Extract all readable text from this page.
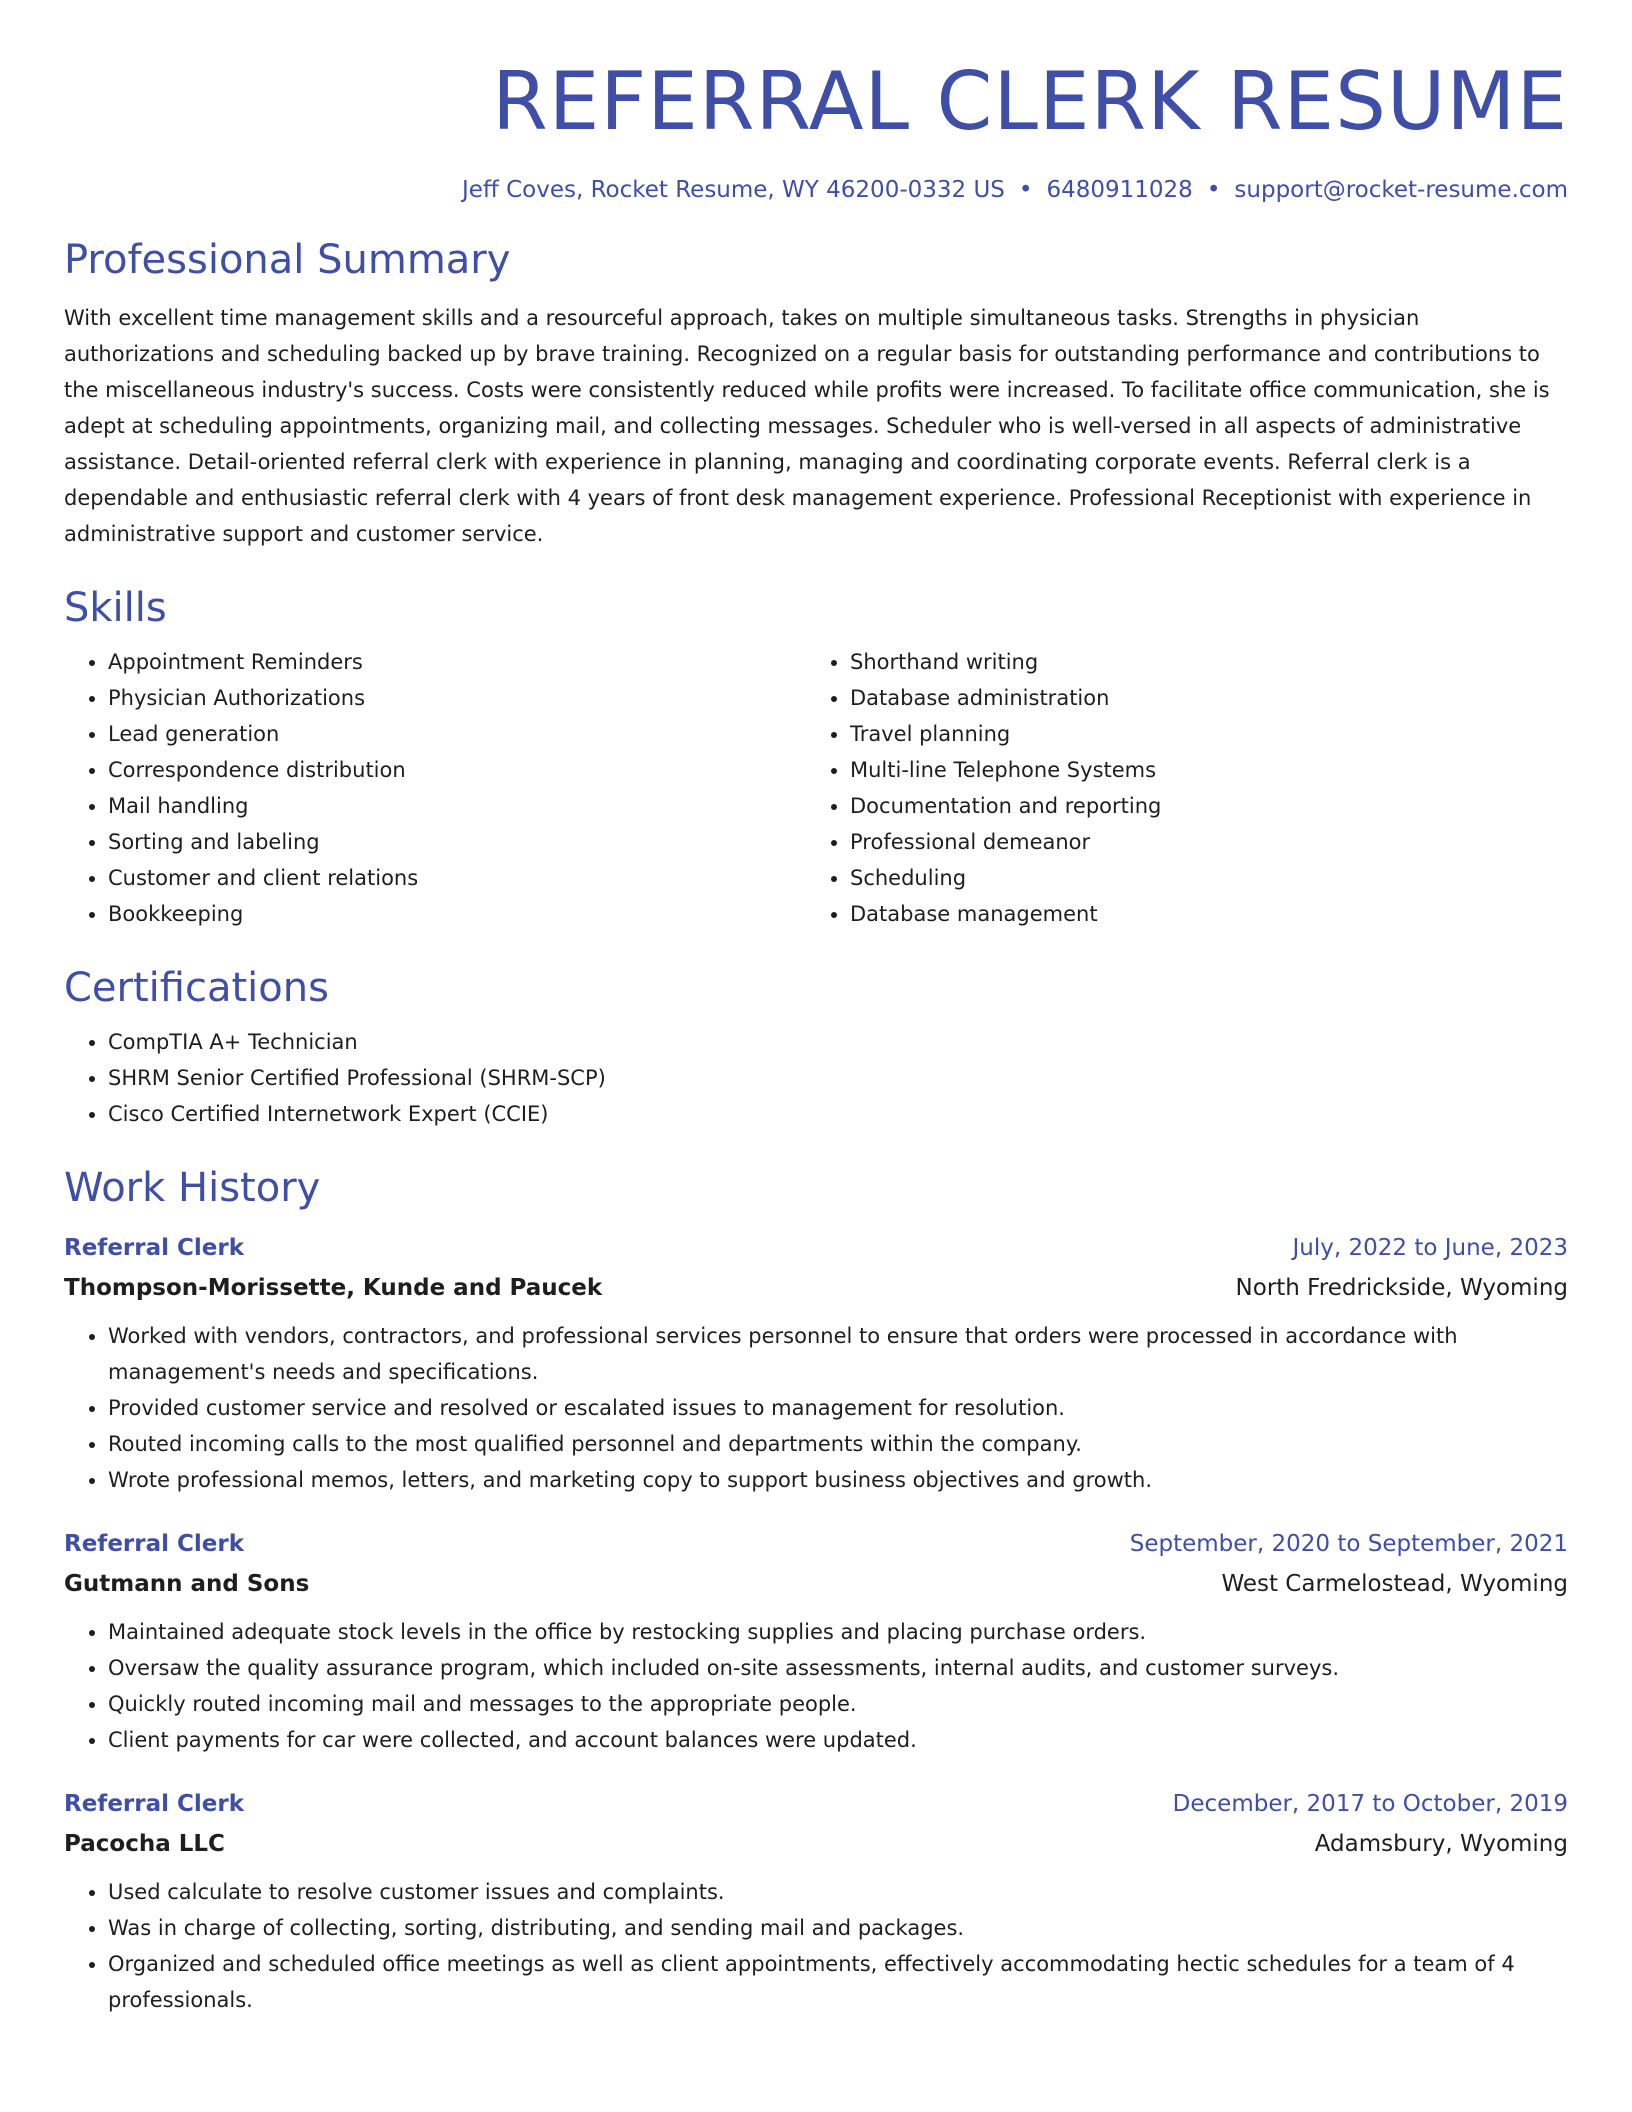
REFERRAL CLERK RESUME
Jeff Coves, Rocket Resume, WY 46200-0332 US • 6480911028 • support@rocket-resume.com
Professional Summary

With excellent time management skills and a resourceful approach, takes on multiple simultaneous tasks. Strengths in physician authorizations and scheduling backed up by brave training. Recognized on a regular basis for outstanding performance and contributions to the miscellaneous industry's success. Costs were consistently reduced while profits were increased. To facilitate office communication, she is adept at scheduling appointments, organizing mail, and collecting messages. Scheduler who is well-versed in all aspects of administrative assistance. Detail-oriented referral clerk with experience in planning, managing and coordinating corporate events. Referral clerk is a dependable and enthusiastic referral clerk with 4 years of front desk management experience. Professional Receptionist with experience in administrative support and customer service.

Skills
• Appointment Reminders
• Physician Authorizations
• Lead generation
• Correspondence distribution
• Mail handling
• Sorting and labeling
• Customer and client relations
• Bookkeeping
• Shorthand writing
• Database administration
• Travel planning
• Multi-line Telephone Systems
• Documentation and reporting
• Professional demeanor
• Scheduling
• Database management
Certifications
• CompTIA A+ Technician
• SHRM Senior Certified Professional (SHRM-SCP)
• Cisco Certified Internetwork Expert (CCIE)
Work History
Referral Clerk	July, 2022 to June, 2023
Thompson-Morissette, Kunde and Paucek	North Fredrickside, Wyoming
• Worked with vendors, contractors, and professional services personnel to ensure that orders were processed in accordance with management's needs and specifications.
• Provided customer service and resolved or escalated issues to management for resolution.
• Routed incoming calls to the most qualified personnel and departments within the company.
• Wrote professional memos, letters, and marketing copy to support business objectives and growth.
Referral Clerk	September, 2020 to September, 2021
Gutmann and Sons	West Carmelostead, Wyoming
• Maintained adequate stock levels in the office by restocking supplies and placing purchase orders.
• Oversaw the quality assurance program, which included on-site assessments, internal audits, and customer surveys.
• Quickly routed incoming mail and messages to the appropriate people.
• Client payments for car were collected, and account balances were updated.
Referral Clerk	December, 2017 to October, 2019
Pacocha LLC	Adamsbury, Wyoming
• Used calculate to resolve customer issues and complaints.
• Was in charge of collecting, sorting, distributing, and sending mail and packages.
• Organized and scheduled office meetings as well as client appointments, effectively accommodating hectic schedules for a team of 4 professionals.
